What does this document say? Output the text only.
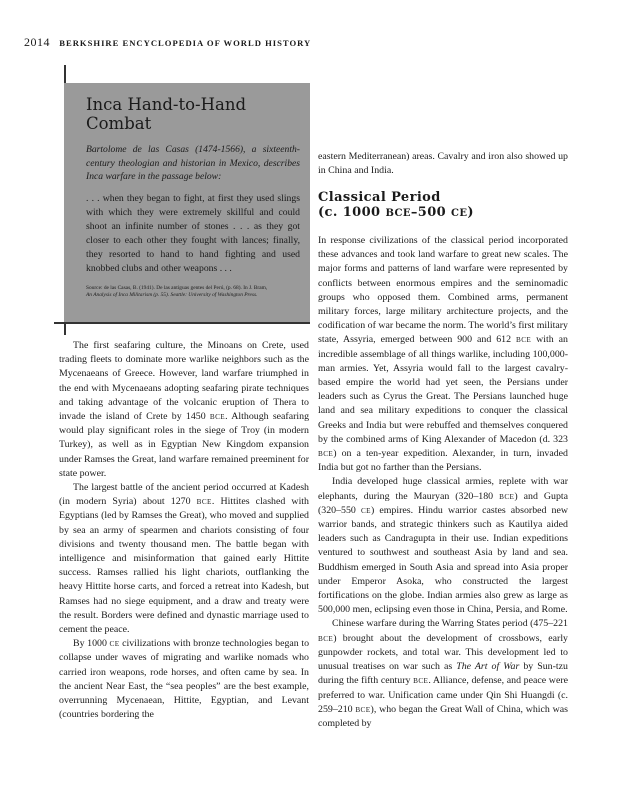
2014 BERKSHIRE ENCYCLOPEDIA OF WORLD HISTORY
Inca Hand-to-Hand Combat

Bartolome de las Casas (1474-1566), a sixteenth-century theologian and historian in Mexico, describes Inca warfare in the passage below:

. . . when they began to fight, at first they used slings with which they were extremely skillful and could shoot an infinite number of stones . . . as they got closer to each other they fought with lances; finally, they resorted to hand to hand fighting and used knobbed clubs and other weapons . . .

Source: de las Casas, B. (1941). De las antiguas gentes del Perú, (p. 68). In J. Bram,
An Analysis of Inca Militarism (p. 55). Seattle: University of Washington Press.

The first seafaring culture, the Minoans on Crete, used trading fleets to dominate more warlike neighbors such as the Mycenaeans of Greece. However, land warfare triumphed in the end with Mycenaeans adopting seafaring pirate techniques and taking advantage of the volcanic eruption of Thera to invade the island of Crete by 1450 BCE. Although seafaring would play significant roles in the siege of Troy (in modern Turkey), as well as in Egyptian New Kingdom expansion under Ramses the Great, land warfare remained preeminent for state power.

The largest battle of the ancient period occurred at Kadesh (in modern Syria) about 1270 BCE. Hittites clashed with Egyptians (led by Ramses the Great), who moved and supplied by sea an army of spearmen and chariots consisting of four divisions and twenty thousand men. The battle began with intelligence and misinformation that gained early Hittite success. Ramses rallied his light chariots, outflanking the heavy Hittite horse carts, and forced a retreat into Kadesh, but Ramses had no siege equipment, and a draw and treaty were the result. Borders were defined and dynastic marriage used to cement the peace.

By 1000 CE civilizations with bronze technologies began to collapse under waves of migrating and warlike nomads who carried iron weapons, rode horses, and often came by sea. In the ancient Near East, the “sea peoples” are the best example, overrunning Mycenaean, Hittite, Egyptian, and Levant (countries bordering the

eastern Mediterranean) areas. Cavalry and iron also showed up in China and India.

Classical Period
(c. 1000 BCE–500 CE)

In response civilizations of the classical period incorporated these advances and took land warfare to great new scales. The major forms and patterns of land warfare were represented by conflicts between enormous empires and the seminomadic groups who opposed them. Combined arms, permanent military forces, large military architecture projects, and the codification of war became the norm. The world’s first military state, Assyria, emerged between 900 and 612 BCE with an incredible assemblage of all things warlike, including 100,000-man armies. Yet, Assyria would fall to the largest cavalry-based empire the world had yet seen, the Persians under leaders such as Cyrus the Great. The Persians launched huge land and sea military expeditions to conquer the classical Greeks and India but were rebuffed and themselves conquered by the combined arms of King Alexander of Macedon (d. 323 BCE) on a ten-year expedition. Alexander, in turn, invaded India but got no farther than the Persians.

India developed huge classical armies, replete with war elephants, during the Mauryan (320–180 BCE) and Gupta (320–550 CE) empires. Hindu warrior castes absorbed new warrior bands, and strategic thinkers such as Kautilya aided leaders such as Candragupta in their use. Indian expeditions ventured to southwest and southeast Asia by land and sea. Buddhism emerged in South Asia and spread into Asia proper under Emperor Asoka, who constructed the largest fortifications on the globe. Indian armies also grew as large as 500,000 men, eclipsing even those in China, Persia, and Rome.

Chinese warfare during the Warring States period (475–221 BCE) brought about the development of crossbows, early gunpowder rockets, and total war. This development led to unusual treatises on war such as The Art of War by Sun-tzu during the fifth century BCE. Alliance, defense, and peace were preferred to war. Unification came under Qin Shi Huangdi (c. 259–210 BCE), who began the Great Wall of China, which was completed by
